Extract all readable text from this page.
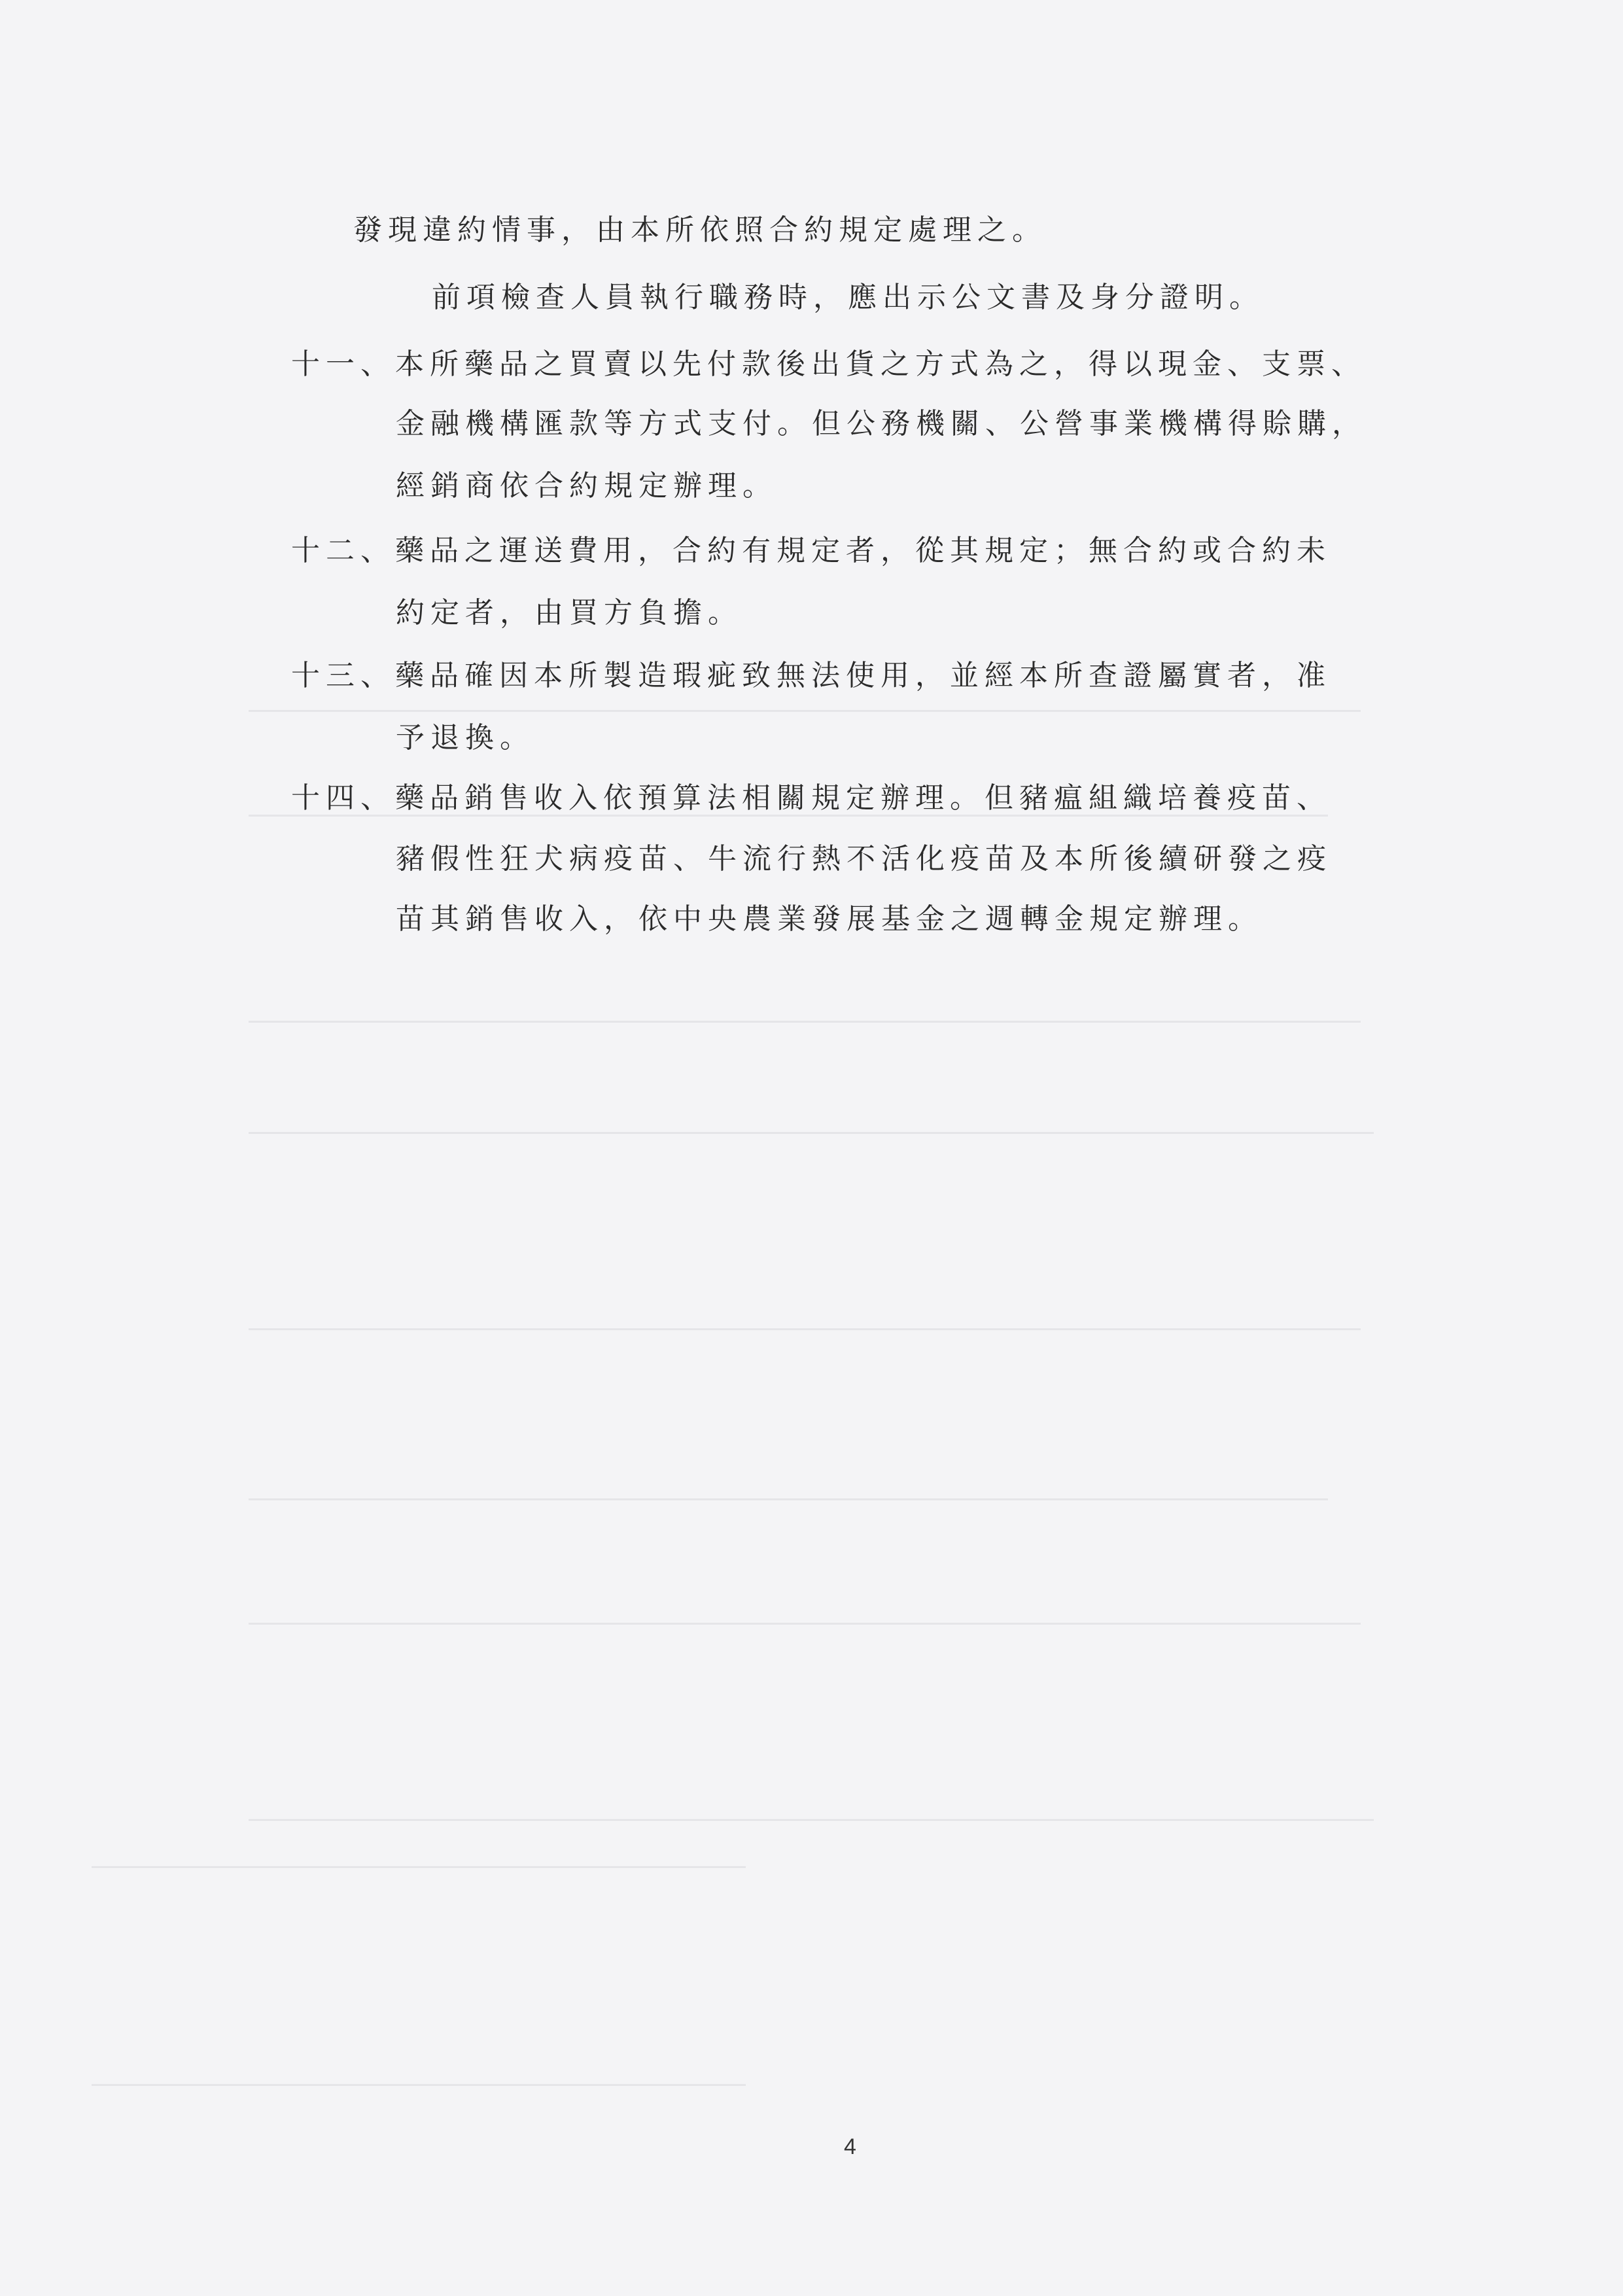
發現違約情事，由本所依照合約規定處理之。
前項檢查人員執行職務時，應出示公文書及身分證明。
十一、本所藥品之買賣以先付款後出貨之方式為之，得以現金、支票、
金融機構匯款等方式支付。但公務機關、公營事業機構得賒購，
經銷商依合約規定辦理。
十二、藥品之運送費用，合約有規定者，從其規定；無合約或合約未
約定者，由買方負擔。
十三、藥品確因本所製造瑕疵致無法使用，並經本所查證屬實者，准
予退換。
十四、藥品銷售收入依預算法相關規定辦理。但豬瘟組織培養疫苗、
豬假性狂犬病疫苗、牛流行熱不活化疫苗及本所後續研發之疫
苗其銷售收入，依中央農業發展基金之週轉金規定辦理。
4
